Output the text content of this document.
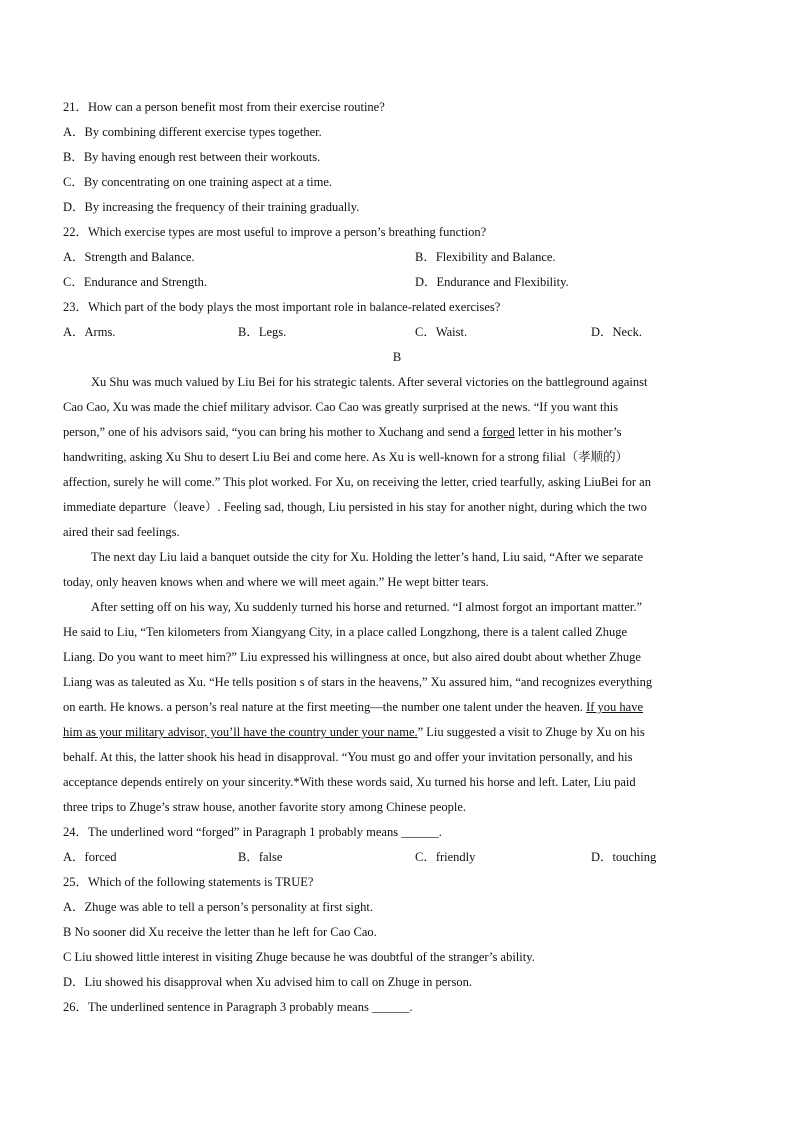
21．How can a person benefit most from their exercise routine?
A．By combining different exercise types together.
B．By having enough rest between their workouts.
C．By concentrating on one training aspect at a time.
D．By increasing the frequency of their training gradually.
22．Which exercise types are most useful to improve a person’s breathing function?
A．Strength and Balance.	B．Flexibility and Balance.
C．Endurance and Strength.	D．Endurance and Flexibility.
23．Which part of the body plays the most important role in balance-related exercises?
A．Arms.	B．Legs.	C．Waist.	D．Neck.
B
Xu Shu was much valued by Liu Bei for his strategic talents. After several victories on the battleground against
Cao Cao, Xu was made the chief military advisor. Cao Cao was greatly surprised at the news. “If you want this
person,” one of his advisors said, “you can bring his mother to Xuchang and send a forged letter in his mother’s
handwriting, asking Xu Shu to desert Liu Bei and come here. As Xu is well-known for a strong filial（孝顺的）
affection, surely he will come.” This plot worked. For Xu, on receiving the letter, cried tearfully, asking LiuBei for an
immediate departure（leave）. Feeling sad, though, Liu persisted in his stay for another night, during which the two
aired their sad feelings.
The next day Liu laid a banquet outside the city for Xu. Holding the letter’s hand, Liu said, “After we separate
today, only heaven knows when and where we will meet again.” He wept bitter tears.
After setting off on his way, Xu suddenly turned his horse and returned. “I almost forgot an important matter.”
He said to Liu, “Ten kilometers from Xiangyang City, in a place called Longzhong, there is a talent called Zhuge
Liang. Do you want to meet him?” Liu expressed his willingness at once, but also aired doubt about whether Zhuge
Liang was as taleuted as Xu. “He tells position s of stars in the heavens,” Xu assured him, “and recognizes everything
on earth. He knows. a person’s real nature at the first meeting—the number one talent under the heaven. If you have
him as your military advisor, you’ll have the country under your name.” Liu suggested a visit to Zhuge by Xu on his
behalf. At this, the latter shook his head in disapproval. “You must go and offer your invitation personally, and his
acceptance depends entirely on your sincerity.*With these words said, Xu turned his horse and left. Later, Liu paid
three trips to Zhuge’s straw house, another favorite story among Chinese people.
24．The underlined word “forged” in Paragraph 1 probably means ______.
A．forced	B．false	C．friendly	D．touching
25．Which of the following statements is TRUE?
A．Zhuge was able to tell a person’s personality at first sight.
B No sooner did Xu receive the letter than he left for Cao Cao.
C Liu showed little interest in visiting Zhuge because he was doubtful of the stranger’s ability.
D．Liu showed his disapproval when Xu advised him to call on Zhuge in person.
26．The underlined sentence in Paragraph 3 probably means ______.
